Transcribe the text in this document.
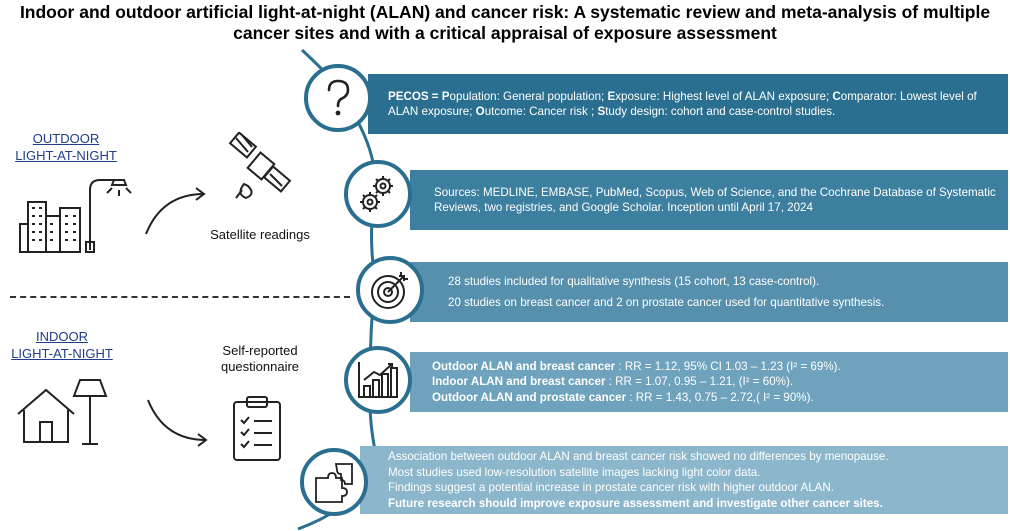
Indoor and outdoor artificial light-at-night (ALAN) and cancer risk: A systematic review and meta-analysis of multiple
cancer sites and with a critical appraisal of exposure assessment

PECOS = Population: General population; Exposure: Highest level of ALAN exposure; Comparator: Lowest level of ALAN exposure; Outcome: Cancer risk ; Study design: cohort and case-control studies.

Sources: MEDLINE, EMBASE, PubMed, Scopus, Web of Science, and the Cochrane Database of Systematic Reviews, two registries, and Google Scholar. Inception until April 17, 2024

28 studies included for qualitative synthesis (15 cohort, 13 case-control).

20 studies on breast cancer and 2 on prostate cancer used for quantitative synthesis.

Outdoor ALAN and breast cancer : RR = 1.12, 95% CI 1.03 – 1.23 (I² = 69%).

Indoor ALAN and breast cancer : RR = 1.07, 0.95 – 1.21, (I² = 60%).

Outdoor ALAN and prostate cancer : RR = 1.43, 0.75 – 2.72,( I² = 90%).

Association between outdoor ALAN and breast cancer risk showed no differences by menopause.

Most studies used low-resolution satellite images lacking light color data.

Findings suggest a potential increase in prostate cancer risk with higher outdoor ALAN.

Future research should improve exposure assessment and investigate other cancer sites.

OUTDOOR
LIGHT-AT-NIGHT
Satellite readings
INDOOR
LIGHT-AT-NIGHT	Self-reported
questionnaire
